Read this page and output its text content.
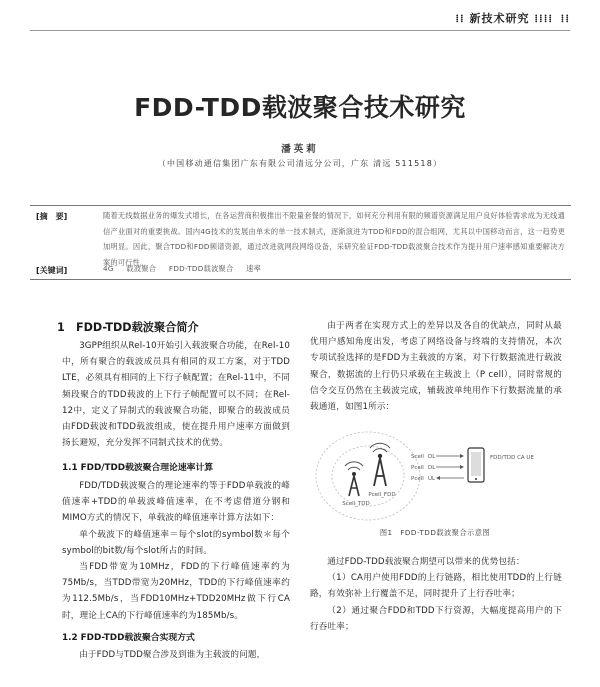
⁞⁞ 新技术研究 ⁞⁞⁞⁞ ⁞⁞
FDD-TDD载波聚合技术研究
潘英莉
（中国移动通信集团广东有限公司清远分公司，广东 清远 511518）
[摘　要]	随着无线数据业务的爆发式增长，在各运营商积极推出不限量套餐的情况下，如何充分利用有限的频谱资源满足用户良好体验需求成为无线通信产业面对的重要挑战。国内4G技术的发展由单未的单一技术制式，逐渐演进为TDD和FDD的混合组网，尤其以中国移动而言，这一趋势更加明显。因此，聚合TDD和FDD频谱资源，通过改进就网段网络设备，采研究验证FDD-TDD载波聚合技术作为提升用户速率感知重要解决方案的可行性。
[关键词]	4G 载波聚合 FDD-TDD载波聚合 速率
1　FDD-TDD载波聚合简介

3GPP组织从Rel-10开始引入载波聚合功能，在Rel-10中，所有聚合的载波成员具有相同的双工方案，对于TDD LTE，必须具有相同的上下行子帧配置；在Rel-11中，不同频段聚合的TDD载波的上下行子帧配置可以不同；在Rel-12中，定义了异制式的载波聚合功能，即聚合的载波成员由FDD载波和TDD载波组成，使在提升用户速率方面做到扬长避短，充分发挥不同制式技术的优势。

1.1 FDD/TDD载波聚合理论速率计算

FDD/TDD载波聚合的理论速率约等于FDD单载波的峰值速率+TDD的单载波峰值速率，在不考虑借道分钢和MIMO方式的情况下，单载波的峰值速率计算方法如下：

单个载波下的峰值速率＝每个slot的symbol数＊每个symbol的bit数/每个slot所占的时间。

当FDD带宽为10MHz，FDD的下行峰值速率约为75Mb/s，当TDD带宽为20MHz，TDD的下行峰值速率约为112.5Mb/s，当FDD10MHz+TDD20MHz做下行CA时，理论上CA的下行峰值速率约为185Mb/s。

1.2 FDD-TDD载波聚合实现方式

由于FDD与TDD聚合涉及到谁为主载波的问题，

由于两者在实现方式上的差异以及各自的优缺点，同时从最优用户感知角度出发，考虑了网络设备与终端的支持情况，本次专项试验选择的是FDD为主载波的方案，对下行数据流进行载波聚合，数据流的上行仍只承载在主载波上（P cell），同时常规的信令交互仍然在主载波完成，辅载波单纯用作下行数据流量的承载通道，如图1所示：

Scell_TDD
Pcell_FDD
Scell DL
Pcell DL
Pcell UL
FDD/TDD CA UE
图1　FDD-TDD载波聚合示意图

通过FDD-TDD载波聚合期望可以带来的优势包括：

（1）CA用户使用FDD的上行链路，相比使用TDD的上行链路，有效弥补上行覆盖不足，同时提升了上行吞吐率；

（2）通过聚合FDD和TDD下行资源，大幅度提高用户的下行吞吐率；
